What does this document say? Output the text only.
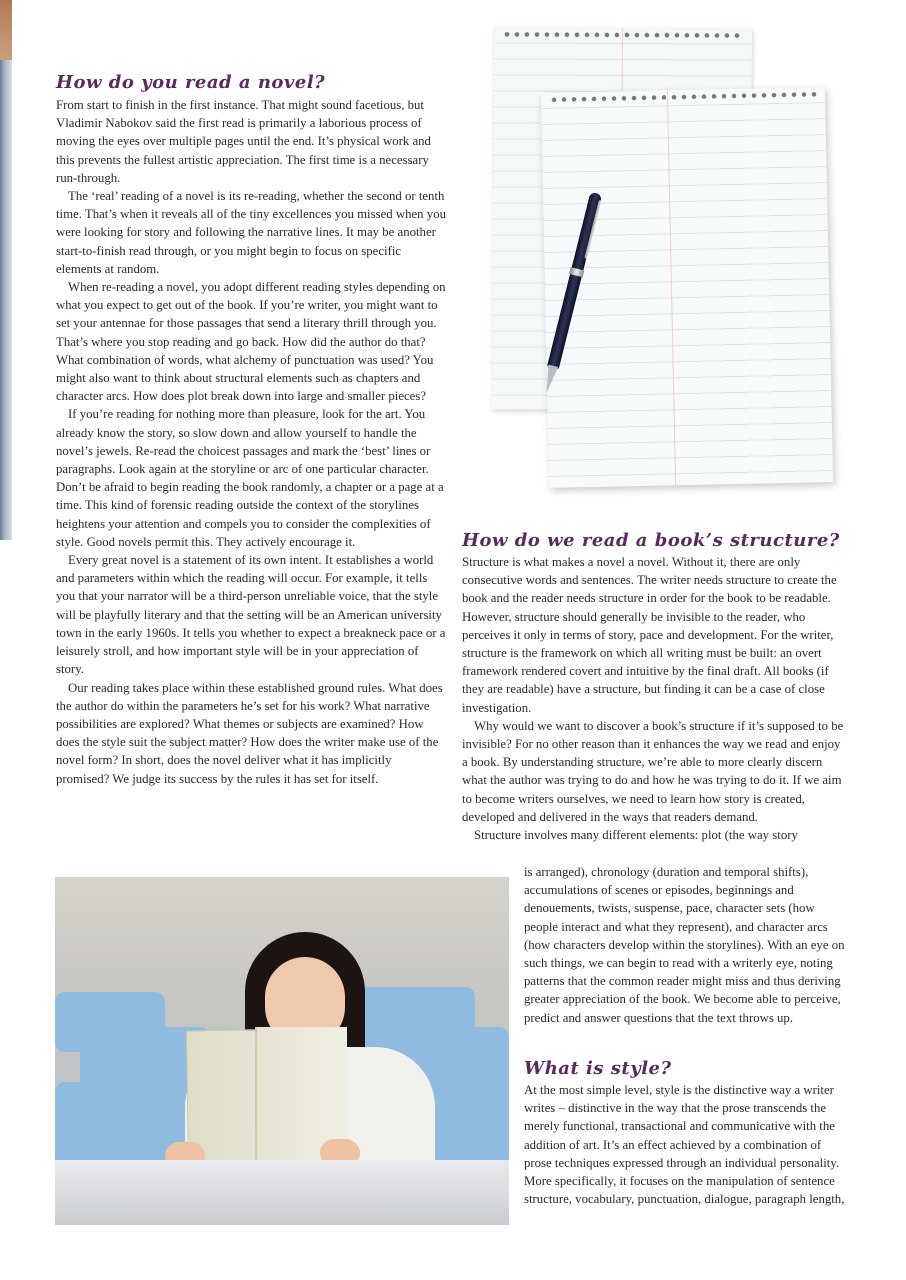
How do you read a novel?

From start to finish in the first instance. That might sound facetious, but Vladimir Nabokov said the first read is primarily a laborious process of moving the eyes over multiple pages until the end. It’s physical work and this prevents the fullest artistic appreciation. The first time is a necessary run-through.

The ‘real’ reading of a novel is its re-reading, whether the second or tenth time. That’s when it reveals all of the tiny excellences you missed when you were looking for story and following the narrative lines. It may be another start-to-finish read through, or you might begin to focus on specific elements at random.

When re-reading a novel, you adopt different reading styles depending on what you expect to get out of the book. If you’re writer, you might want to set your antennae for those passages that send a literary thrill through you. That’s where you stop reading and go back. How did the author do that? What combination of words, what alchemy of punctuation was used? You might also want to think about structural elements such as chapters and character arcs. How does plot break down into large and smaller pieces?

If you’re reading for nothing more than pleasure, look for the art. You already know the story, so slow down and allow yourself to handle the novel’s jewels. Re-read the choicest passages and mark the ‘best’ lines or paragraphs. Look again at the storyline or arc of one particular character. Don’t be afraid to begin reading the book randomly, a chapter or a page at a time. This kind of forensic reading outside the context of the storylines heightens your attention and compels you to consider the complexities of style. Good novels permit this. They actively encourage it.

Every great novel is a statement of its own intent. It establishes a world and parameters within which the reading will occur. For example, it tells you that your narrator will be a third-person unreliable voice, that the style will be playfully literary and that the setting will be an American university town in the early 1960s. It tells you whether to expect a breakneck pace or a leisurely stroll, and how important style will be in your appreciation of story.

Our reading takes place within these established ground rules. What does the author do within the parameters he’s set for his work? What narrative possibilities are explored? What themes or subjects are examined? How does the style suit the subject matter? How does the writer make use of the novel form? In short, does the novel deliver what it has implicitly promised? We judge its success by the rules it has set for itself.

How do we read a book’s structure?

Structure is what makes a novel a novel. Without it, there are only consecutive words and sentences. The writer needs structure to create the book and the reader needs structure in order for the book to be readable. However, structure should generally be invisible to the reader, who perceives it only in terms of story, pace and development. For the writer, structure is the framework on which all writing must be built: an overt framework rendered covert and intuitive by the final draft. All books (if they are readable) have a structure, but finding it can be a case of close investigation.

Why would we want to discover a book’s structure if it’s supposed to be invisible? For no other reason than it enhances the way we read and enjoy a book. By understanding structure, we’re able to more clearly discern what the author was trying to do and how he was trying to do it. If we aim to become writers ourselves, we need to learn how story is created, developed and delivered in the ways that readers demand.

Structure involves many different elements: plot (the way story

is arranged), chronology (duration and temporal shifts), accumulations of scenes or episodes, beginnings and denouements, twists, suspense, pace, character sets (how people interact and what they represent), and character arcs (how characters develop within the storylines). With an eye on such things, we can begin to read with a writerly eye, noting patterns that the common reader might miss and thus deriving greater appreciation of the book. We become able to perceive, predict and answer questions that the text throws up.

What is style?

At the most simple level, style is the distinctive way a writer writes – distinctive in the way that the prose transcends the merely functional, transactional and communicative with the addition of art. It’s an effect achieved by a combination of prose techniques expressed through an individual personality. More specifically, it focuses on the manipulation of sentence structure, vocabulary, punctuation, dialogue, paragraph length,
